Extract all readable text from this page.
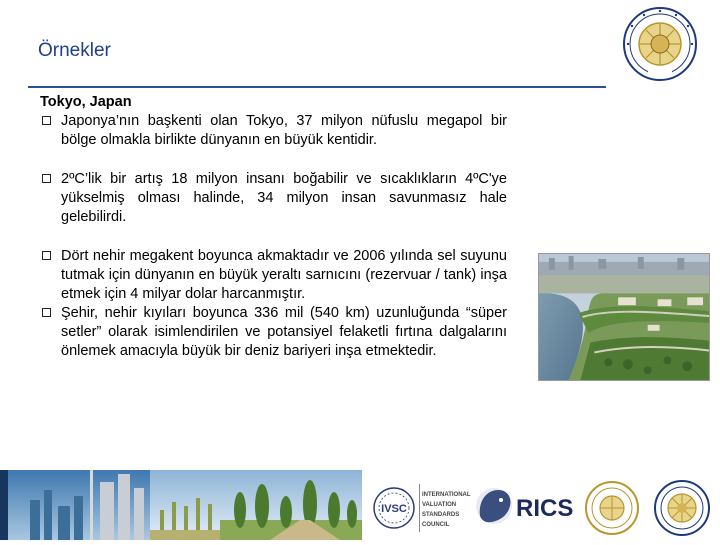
Örnekler
Tokyo, Japan
Japonya’nın başkenti olan Tokyo, 37 milyon nüfuslu megapol bir bölge olmakla birlikte dünyanın en büyük kentidir.
2ºC’lik bir artış 18 milyon insanı boğabilir ve sıcaklıkların 4ºC'ye yükselmiş olması halinde, 34 milyon insan savunmasız hale gelebilirdi.
Dört nehir megakent boyunca akmaktadır ve 2006 yılında sel suyunu tutmak için dünyanın en büyük yeraltı sarnıcını (rezervuar / tank) inşa etmek için 4 milyar dolar harcanmıştır.
Şehir, nehir kıyıları boyunca 336 mil (540 km) uzunluğunda “süper setler” olarak isimlendirilen ve potansiyel felaketli fırtına dalgalarını önlemek amacıyla büyük bir deniz bariyeri inşa etmektedir.
IVSC
INTERNATIONAL
VALUATION
STANDARDS
COUNCIL
RICS
